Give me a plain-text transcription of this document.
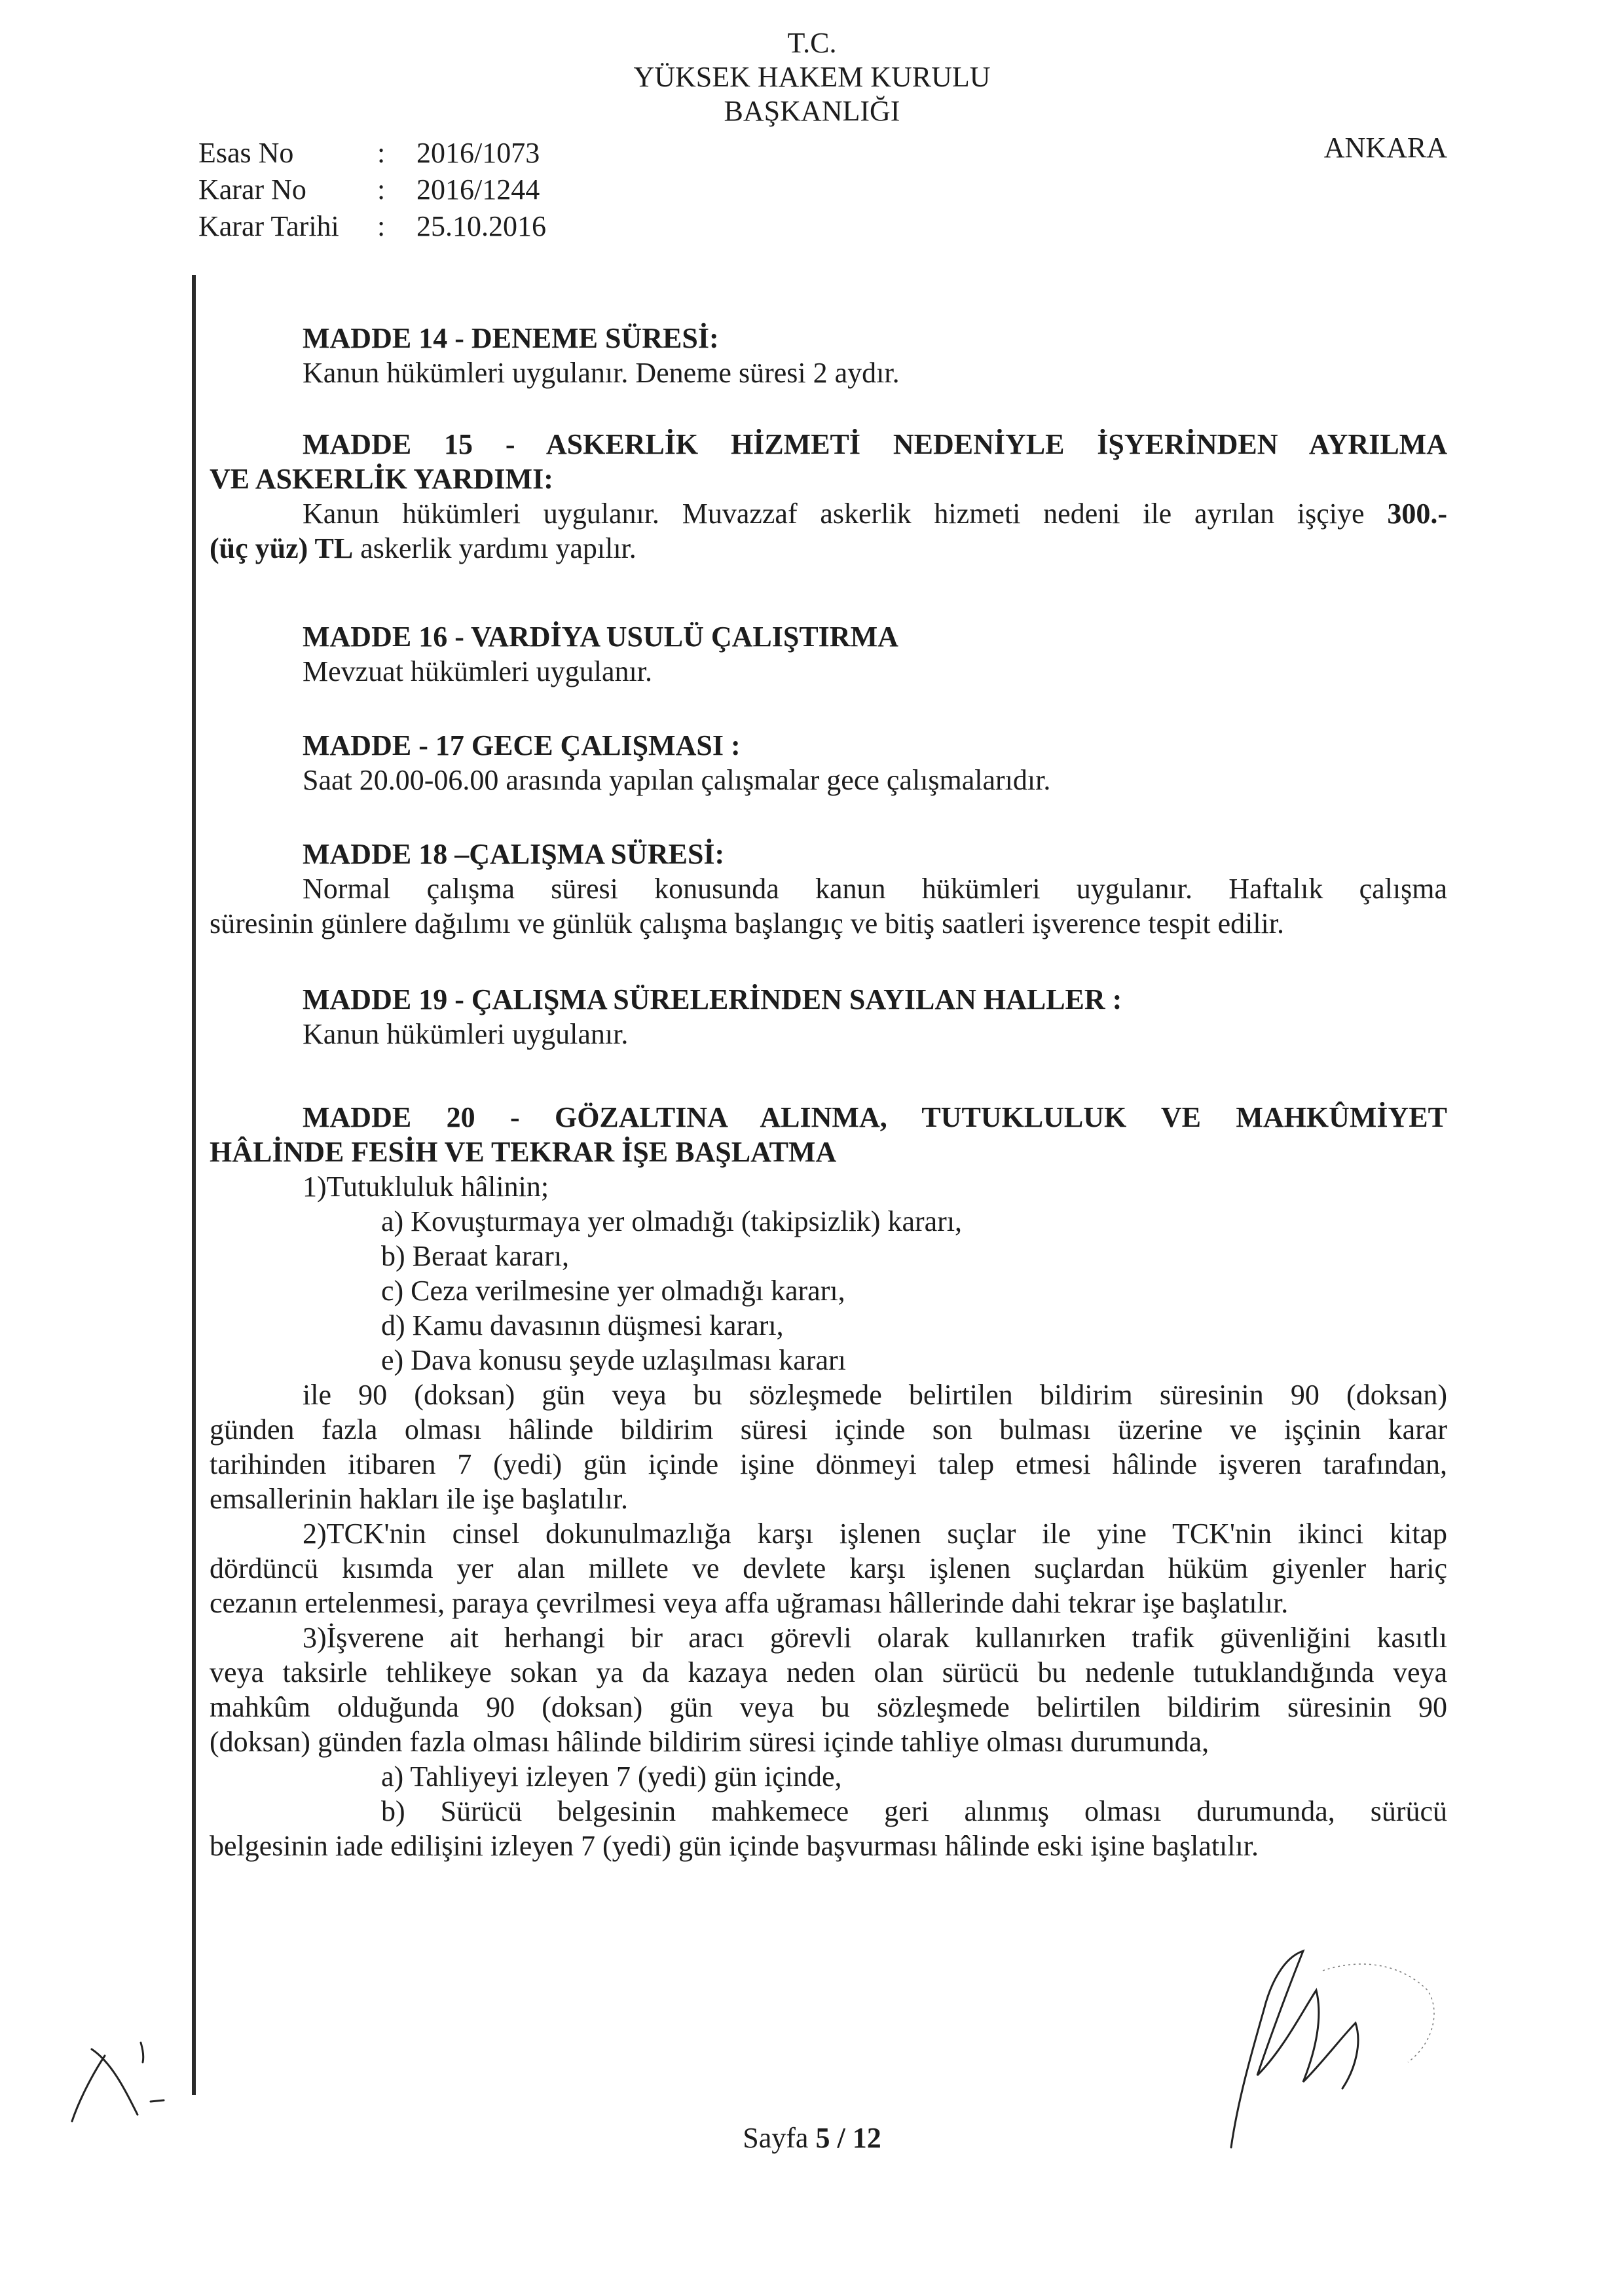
T.C.
YÜKSEK HAKEM KURULU
BAŞKANLIĞI
ANKARA
Esas No	:	2016/1073
Karar No	:	2016/1244
Karar Tarihi	:	25.10.2016
MADDE 14 - DENEME SÜRESİ:
Kanun hükümleri uygulanır. Deneme süresi 2 aydır.
MADDE 15 - ASKERLİK HİZMETİ NEDENİYLE İŞYERİNDEN AYRILMA
VE ASKERLİK YARDIMI:
Kanun hükümleri uygulanır. Muvazzaf askerlik hizmeti nedeni ile ayrılan işçiye 300.-
(üç yüz) TL askerlik yardımı yapılır.
MADDE 16 - VARDİYA USULÜ ÇALIŞTIRMA
Mevzuat hükümleri uygulanır.
MADDE - 17 GECE ÇALIŞMASI :
Saat 20.00-06.00 arasında yapılan çalışmalar gece çalışmalarıdır.
MADDE 18 –ÇALIŞMA SÜRESİ:
Normal çalışma süresi konusunda kanun hükümleri uygulanır. Haftalık çalışma
süresinin günlere dağılımı ve günlük çalışma başlangıç ve bitiş saatleri işverence tespit edilir.
MADDE 19 - ÇALIŞMA SÜRELERİNDEN SAYILAN HALLER :
Kanun hükümleri uygulanır.
MADDE 20 - GÖZALTINA ALINMA, TUTUKLULUK VE MAHKÛMİYET
HÂLİNDE FESİH VE TEKRAR İŞE BAŞLATMA
1)Tutukluluk hâlinin;
a) Kovuşturmaya yer olmadığı (takipsizlik) kararı,
b) Beraat kararı,
c) Ceza verilmesine yer olmadığı kararı,
d) Kamu davasının düşmesi kararı,
e) Dava konusu şeyde uzlaşılması kararı
ile 90 (doksan) gün veya bu sözleşmede belirtilen bildirim süresinin 90 (doksan)
günden fazla olması hâlinde bildirim süresi içinde son bulması üzerine ve işçinin karar
tarihinden itibaren 7 (yedi) gün içinde işine dönmeyi talep etmesi hâlinde işveren tarafından,
emsallerinin hakları ile işe başlatılır.
2)TCK'nin cinsel dokunulmazlığa karşı işlenen suçlar ile yine TCK'nin ikinci kitap
dördüncü kısımda yer alan millete ve devlete karşı işlenen suçlardan hüküm giyenler hariç
cezanın ertelenmesi, paraya çevrilmesi veya affa uğraması hâllerinde dahi tekrar işe başlatılır.
3)İşverene ait herhangi bir aracı görevli olarak kullanırken trafik güvenliğini kasıtlı
veya taksirle tehlikeye sokan ya da kazaya neden olan sürücü bu nedenle tutuklandığında veya
mahkûm olduğunda 90 (doksan) gün veya bu sözleşmede belirtilen bildirim süresinin 90
(doksan) günden fazla olması hâlinde bildirim süresi içinde tahliye olması durumunda,
a) Tahliyeyi izleyen 7 (yedi) gün içinde,
b) Sürücü belgesinin mahkemece geri alınmış olması durumunda, sürücü
belgesinin iade edilişini izleyen 7 (yedi) gün içinde başvurması hâlinde eski işine başlatılır.
Sayfa 5 / 12
